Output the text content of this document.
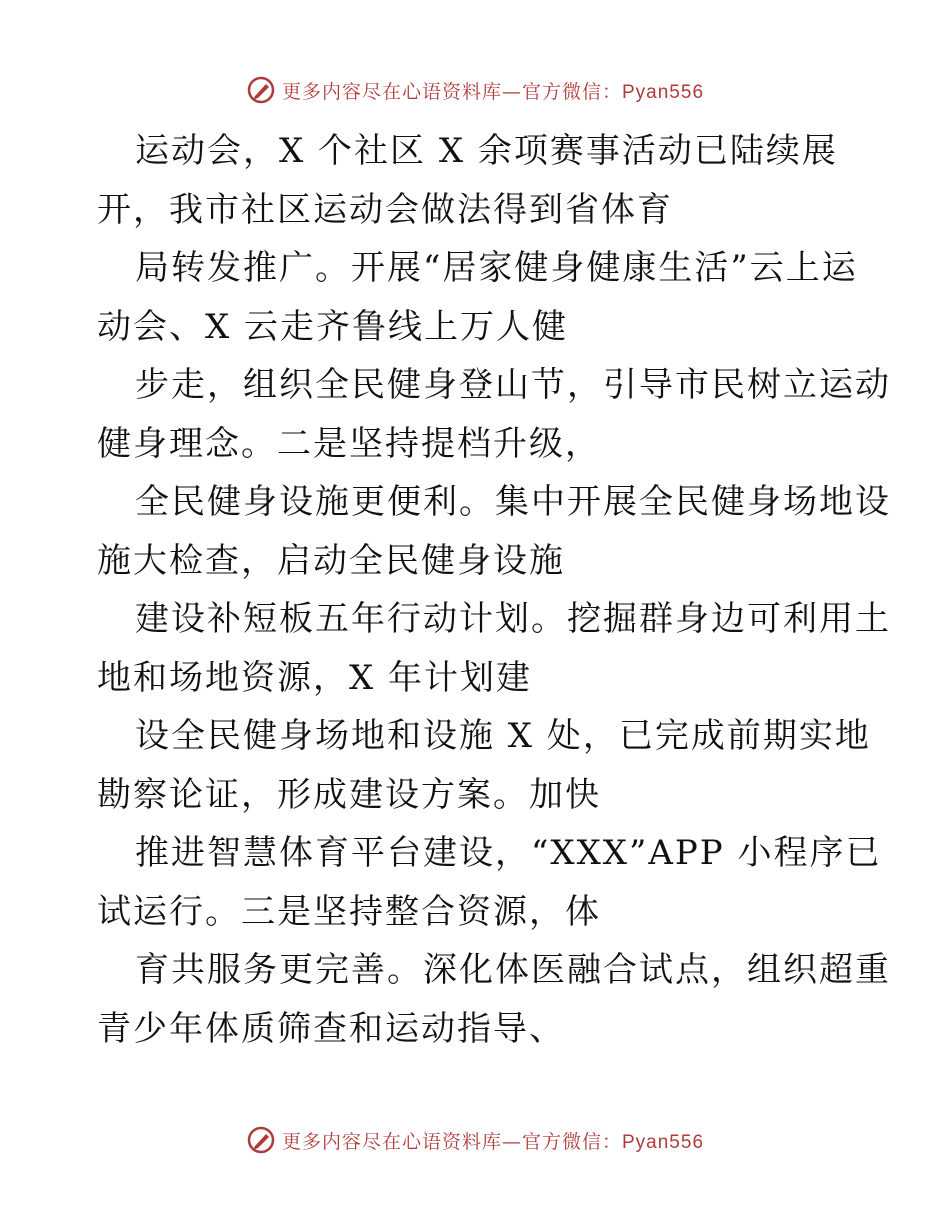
更多内容尽在心语资料库—官方微信：Pyan556
运动会，X 个社区 X 余项赛事活动已陆续展
开，我市社区运动会做法得到省体育
局转发推广。开展“居家健身健康生活”云上运
动会、X 云走齐鲁线上万人健
步走，组织全民健身登山节，引导市民树立运动
健身理念。二是坚持提档升级，
全民健身设施更便利。集中开展全民健身场地设
施大检查，启动全民健身设施
建设补短板五年行动计划。挖掘群身边可利用土
地和场地资源，X 年计划建
设全民健身场地和设施 X 处，已完成前期实地
勘察论证，形成建设方案。加快
推进智慧体育平台建设，“XXX”APP 小程序已
试运行。三是坚持整合资源，体
育共服务更完善。深化体医融合试点，组织超重
青少年体质筛查和运动指导、
更多内容尽在心语资料库—官方微信：Pyan556
